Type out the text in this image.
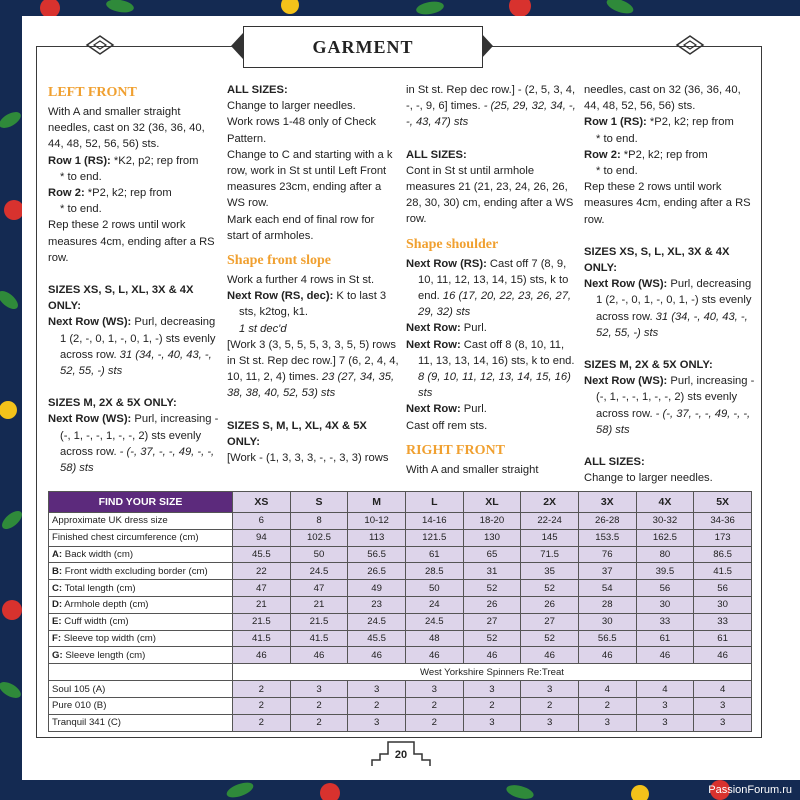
GARMENT
LEFT FRONT

With A and smaller straight needles, cast on 32 (36, 36, 40, 44, 48, 52, 56, 56) sts.

Row 1 (RS): *K2, p2; rep from

* to end.

Row 2: *P2, k2; rep from

* to end.

Rep these 2 rows until work measures 4cm, ending after a RS row.

SIZES XS, S, L, XL, 3X & 4X ONLY:

Next Row (WS): Purl, decreasing 1 (2, -, 0, 1, -, 0, 1, -) sts evenly across row. 31 (34, -, 40, 43, -, 52, 55, -) sts

SIZES M, 2X & 5X ONLY:

Next Row (WS): Purl, increasing - (-, 1, -, -, 1, -, -, 2) sts evenly across row. - (-, 37, -, -, 49, -, -, 58) sts

ALL SIZES:

Change to larger needles.

Work rows 1-48 only of Check Pattern.

Change to C and starting with a k row, work in St st until Left Front measures 23cm, ending after a WS row.

Mark each end of final row for start of armholes.

Shape front slope

Work a further 4 rows in St st.

Next Row (RS, dec): K to last 3 sts, k2tog, k1.

1 st dec'd

[Work 3 (3, 5, 5, 5, 3, 3, 5, 5) rows in St st. Rep dec row.] 7 (6, 2, 4, 4, 10, 11, 2, 4) times. 23 (27, 34, 35, 38, 38, 40, 52, 53) sts

SIZES S, M, L, XL, 4X & 5X ONLY:

[Work - (1, 3, 3, 3, -, -, 3, 3) rows

in St st. Rep dec row.] - (2, 5, 3, 4, -, -, 9, 6] times. - (25, 29, 32, 34, -, -, 43, 47) sts

ALL SIZES:

Cont in St st until armhole measures 21 (21, 23, 24, 26, 26, 28, 30, 30) cm, ending after a WS row.

Shape shoulder

Next Row (RS): Cast off 7 (8, 9, 10, 11, 12, 13, 14, 15) sts, k to end. 16 (17, 20, 22, 23, 26, 27, 29, 32) sts

Next Row: Purl.

Next Row: Cast off 8 (8, 10, 11, 11, 13, 13, 14, 16) sts, k to end. 8 (9, 10, 11, 12, 13, 14, 15, 16) sts

Next Row: Purl.

Cast off rem sts.

RIGHT FRONT

With A and smaller straight

needles, cast on 32 (36, 36, 40, 44, 48, 52, 56, 56) sts.

Row 1 (RS): *P2, k2; rep from

* to end.

Row 2: *P2, k2; rep from

* to end.

Rep these 2 rows until work measures 4cm, ending after a RS row.

SIZES XS, S, L, XL, 3X & 4X ONLY:

Next Row (WS): Purl, decreasing 1 (2, -, 0, 1, -, 0, 1, -) sts evenly across row. 31 (34, -, 40, 43, -, 52, 55, -) sts

SIZES M, 2X & 5X ONLY:

Next Row (WS): Purl, increasing - (-, 1, -, -, 1, -, -, 2) sts evenly across row. - (-, 37, -, -, 49, -, -, 58) sts

ALL SIZES:

Change to larger needles.

FIND YOUR SIZE	XS	S	M	L	XL	2X	3X	4X	5X
Approximate UK dress size	6	8	10-12	14-16	18-20	22-24	26-28	30-32	34-36
Finished chest circumference (cm)	94	102.5	113	121.5	130	145	153.5	162.5	173
A: Back width (cm)	45.5	50	56.5	61	65	71.5	76	80	86.5
B: Front width excluding border (cm)	22	24.5	26.5	28.5	31	35	37	39.5	41.5
C: Total length (cm)	47	47	49	50	52	52	54	56	56
D: Armhole depth (cm)	21	21	23	24	26	26	28	30	30
E: Cuff width (cm)	21.5	21.5	24.5	24.5	27	27	30	33	33
F: Sleeve top width (cm)	41.5	41.5	45.5	48	52	52	56.5	61	61
G: Sleeve length (cm)	46	46	46	46	46	46	46	46	46
	West Yorkshire Spinners Re:Treat								
Soul 105 (A)	2	3	3	3	3	3	4	4	4
Pure 010 (B)	2	2	2	2	2	2	2	3	3
Tranquil 341 (C)	2	2	3	2	3	3	3	3	3
20
PassionForum.ru
